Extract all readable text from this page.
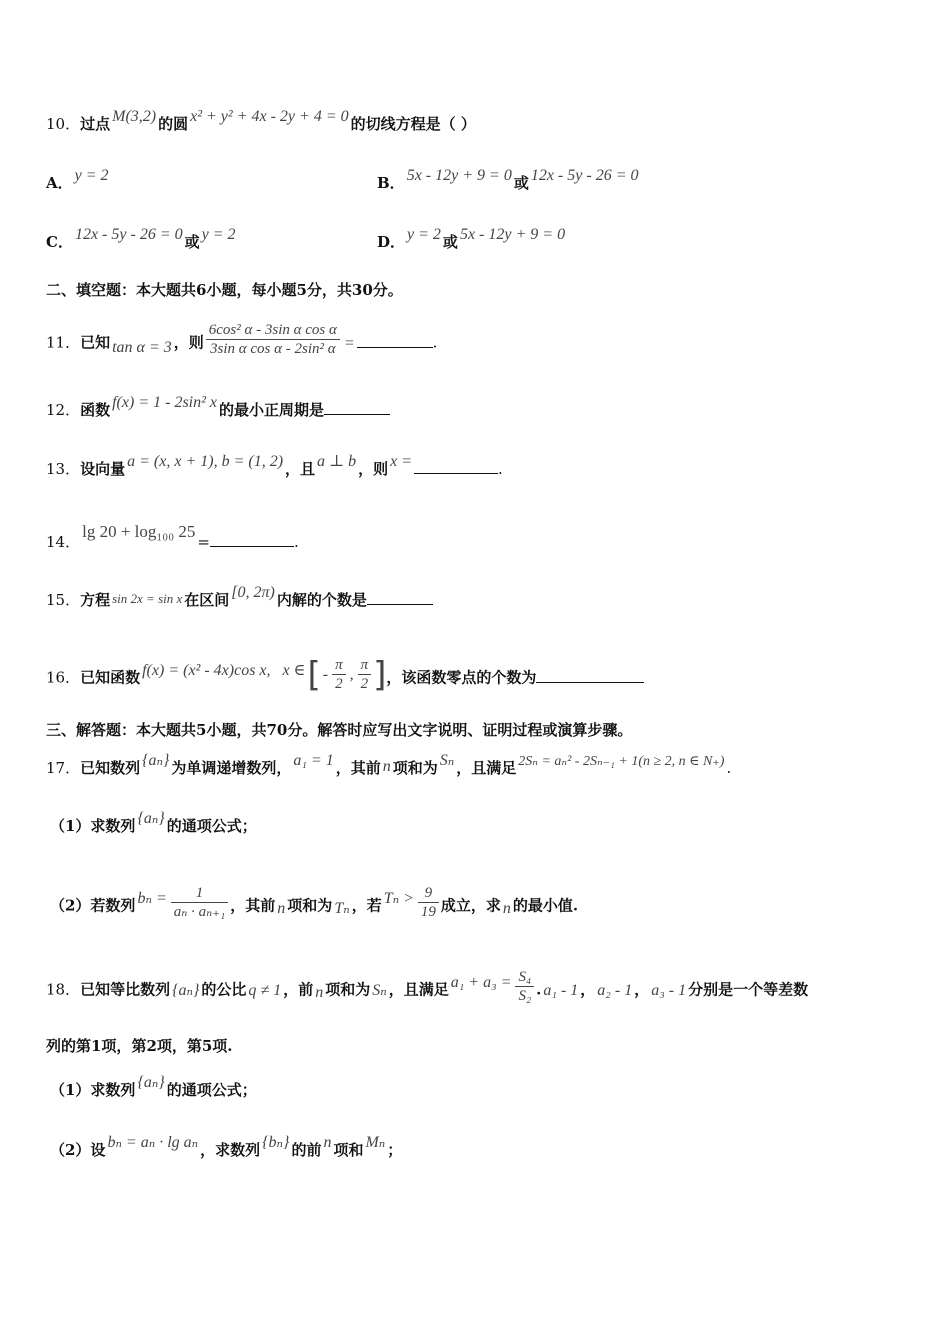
10．过点 M(3,2) 的圆 x² + y² + 4x - 2y + 4 = 0 的切线方程是（ ）
A． y = 2	B． 5x - 12y + 9 = 0 或 12x - 5y - 26 = 0
C． 12x - 5y - 26 = 0 或 y = 2	D． y = 2 或 5x - 12y + 9 = 0
二、填空题：本大题共6小题，每小题5分，共30分。
11．已知 tan α = 3 ，则 $\frac{\text{6cos² α - 3sin α cos α}}{\text{3sin α cos α - 2sin² α}}$ =	.
12．函数 f(x) = 1 - 2sin² x 的最小正周期是
13．设向量 a = (x, x + 1), b = (1, 2) ，且 a ⊥ b ，则 x =	.
14．lg 20 + log₁₀₀ 25=	.
15．方程 sin 2x = sin x 在区间 [0, 2π) 内解的个数是
16．已知函数 f(x) = (x² - 4x)cos x, x ∈[ - $\frac{\pi}{2}$ , $\frac{\pi}{2}$ ]，该函数零点的个数为
三、解答题：本大题共5小题，共70分。解答时应写出文字说明、证明过程或演算步骤。
17．已知数列 {aₙ} 为单调递增数列， a₁ = 1 ，其前 n 项和为 Sₙ ，且满足 2Sₙ = aₙ² - 2Sₙ₋₁ + 1(n ≥ 2, n ∈ N₊) .
（1）求数列 {aₙ} 的通项公式；
（2）若数列 $b_n = \frac{1}{\text{aₙ · aₙ₊₁}}$ ，其前 n 项和为 Tₙ ，若 $T_n > \frac{9}{19}$ 成立，求 n 的最小值.
18．已知等比数列 {aₙ} 的公比 q ≠ 1 ，前 n 项和为 Sₙ ，且满足 $a_1 + a_3 = \frac{\text{S₄}}{\text{S₂}}$ . a₁ - 1 ， a₂ - 1 ， a₃ - 1 分别是一个等差数
列的第1项，第2项，第5项.
（1）求数列 {aₙ} 的通项公式；
（2）设 bₙ = aₙ · lg aₙ ，求数列 {bₙ} 的前 n 项和 Mₙ ；
